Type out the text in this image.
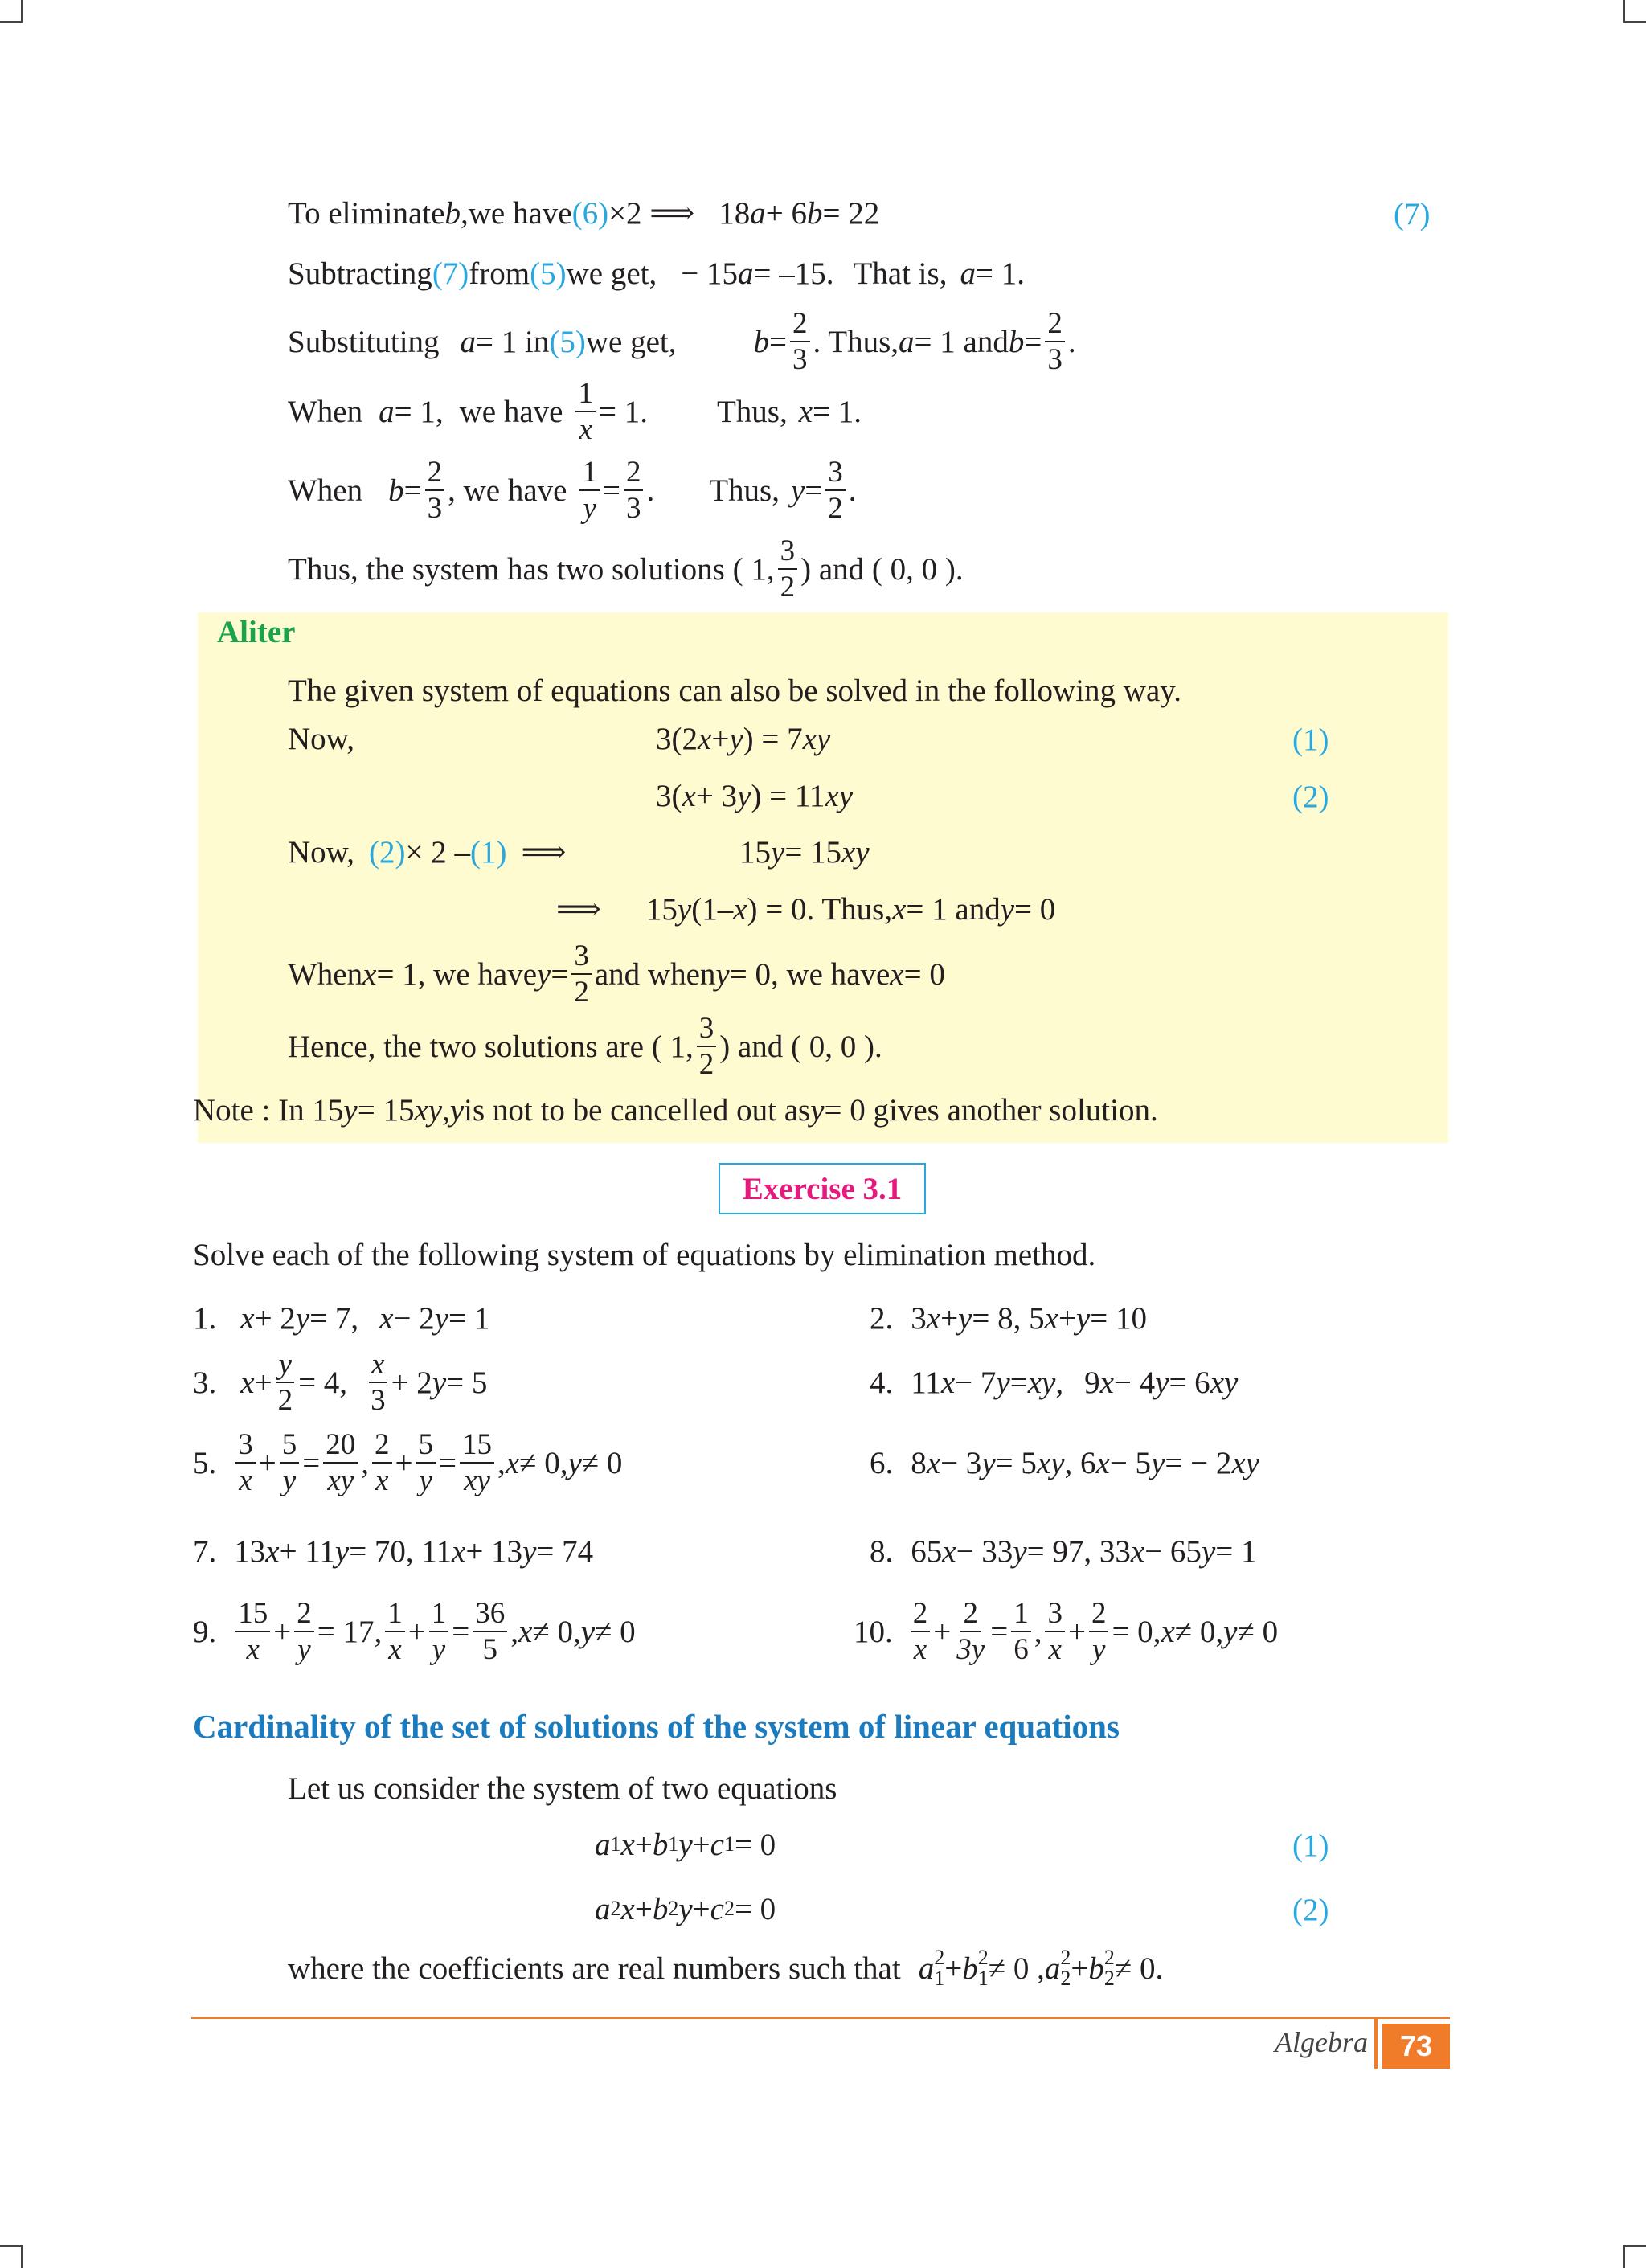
To eliminate b, we have (6) ×2 ⟹ 18 a + 6 b = 22	(7)
Subtracting (7) from (5) we get, − 15 a = –15. That is, a = 1.
Substituting a = 1 in (5) we get, $b = \frac{2}{3}$ . Thus, a = 1 and $b = \frac{2}{3}$ .
When a = 1, we have $\frac{1}{x} = 1$. Thus, x = 1.
When $b = \frac{2}{3}$ , we have $\frac{1}{y} = \frac{2}{3}$ . Thus, $y = \frac{3}{2}$ .
Thus, the system has two solutions ( 1, $\frac{3}{2}$ ) and ( 0, 0 ).
Aliter
The given system of equations can also be solved in the following way.
Now,	3(2 x + y ) = 7 xy	(1)
3( x + 3 y ) = 11 xy	(2)
Now, (2) × 2 – (1) ⟹	15 y = 15 xy
⟹ 15 y (1– x ) = 0. Thus, x = 1 and y = 0
When x = 1, we have $y = \frac{3}{2}$ and when y = 0, we have x = 0
Hence, the two solutions are ( 1, $\frac{3}{2}$ ) and ( 0, 0 ).
Note : In 15 y = 15 xy , y is not to be cancelled out as y = 0 gives another solution.
Exercise 3.1
Solve each of the following system of equations by elimination method.
1. x + 2 y = 7, x − 2 y = 1	2. 3 x + y = 8, 5 x + y = 10
3. $x + \frac{y}{2} = 4$, $\frac{x}{3} + 2$ y = 5	4. 11 x − 7 y = xy , 9 x − 4 y = 6 xy
5. $\frac{3}{x} + \frac{5}{y} = \frac{20}{xy}$ , $\frac{2}{x} + \frac{5}{y} = \frac{15}{xy}$ , x ≠ 0, y ≠ 0	6. 8 x − 3 y = 5 xy , 6 x − 5 y = − 2 xy
7. 13 x + 11 y = 70, 11 x + 13 y = 74	8. 65 x − 33 y = 97, 33 x − 65 y = 1
9. $\frac{15}{x} + \frac{2}{y} = 17$, $\frac{1}{x} + \frac{1}{y} = \frac{36}{5}$ , x ≠ 0, y ≠ 0	10. $\frac{2}{x} + \frac{2}{3y} = \frac{1}{6}$ , $\frac{3}{x} + \frac{2}{y} = 0$, x ≠ 0, y ≠ 0
Cardinality of the set of solutions of the system of linear equations
Let us consider the system of two equations
a 1 x + b 1 y + c 1 = 0	(1)
a 2 x + b 2 y + c 2 = 0	(2)
where the coefficients are real numbers such that a 2
1 + b 2
1 ≠ 0 , a 2
2 + b 2
2 ≠ 0.
Algebra	73
